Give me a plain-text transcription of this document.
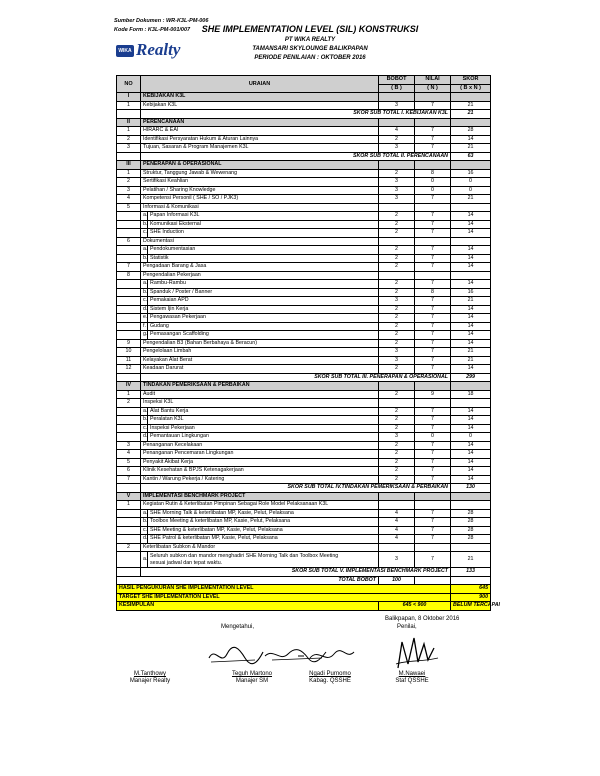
Sumber Dokumen : WR-K3L-PM-006
Kode Form : K3L-PM-001/007
WIKA Realty
SHE IMPLEMENTATION LEVEL (SIL) KONSTRUKSI
PT WIKA REALTY
TAMANSARI SKYLOUNGE BALIKPAPAN
PERIODE PENILAIAN : OKTOBER 2016
NO	URAIAN		BOBOT	NILAI	SKOR
			( B )	( N )	( B x N )
I	KEBIJAKAN K3L				
1	Kebijakan K3L		3	7	21
	SKOR SUB TOTAL I. KEBIJAKAN K3L				21
II	PERENCANAAN				
1	HIRARC & EAI		4	7	28
2	Identifikasi Persyaratan Hukum & Aturan Lainnya		2	7	14
3	Tujuan, Sasaran & Program Manajemen K3L		3	7	21
	SKOR SUB TOTAL II. PERENCANAAN				63
III	PENERAPAN & OPERASIONAL				
1	Struktur, Tanggung Jawab & Wewenang		2	8	16
2	Sertifikasi Keahlian		3	0	0
3	Pelatihan / Sharing Knowledge		3	0	0
4	Kompetensi Personil ( SHE / SO / PJK3)		3	7	21
5	Informasi & Komunikasi				
	a.	Papan Informasi K3L	2	7	14
	b.	Komunikasi Eksternal	2	7	14
	c.	SHE Induction	2	7	14
6	Dokumentasi				
	a.	Pendokumentasian	2	7	14
	b.	Statistik	2	7	14
7	Pengadaan Barang & Jasa		2	7	14
8	Pengendalian Pekerjaan				
	a.	Rambu-Rambu	2	7	14
	b.	Spanduk / Poster / Banner	2	8	16
	c.	Pemakaian APD	3	7	21
	d.	Sistem Ijin Kerja	2	7	14
	e.	Pengawasan Pekerjaan	2	7	14
	f.	Gudang	2	7	14
	g.	Pemasangan Scaffolding	2	7	14
9	Pengendalian B3 (Bahan Berbahaya & Beracun)		2	7	14
10	Pengelolaan Limbah		3	7	21
11	Kelayakan Alat Berat		3	7	21
12	Keadaan Darurat		2	7	14
	SKOR SUB TOTAL III. PENERAPAN & OPERASIONAL				299
IV	TINDAKAN PEMERIKSAAN & PERBAIKAN				
1	Audit		2	9	18
2	Inspeksi K3L				
	a.	Alat Bantu Kerja	2	7	14
	b.	Peralatan K3L	2	7	14
	c.	Inspeksi Pekerjaan	2	7	14
	d.	Pemantauan Lingkungan	3	0	0
3	Penanganan Kecelakaan		2	7	14
4	Penanganan Pencemaran Lingkungan		2	7	14
5	Penyakit Akibat Kerja		2	7	14
6	Klinik Kesehatan & BPJS Ketenagakerjaan		2	7	14
7	Kantin / Warung Pekerja / Katering		2	7	14
	SKOR SUB TOTAL IV.TINDAKAN PEMERIKSAAN & PERBAIKAN				130
V	IMPLEMENTASI BENCHMARK PROJECT				
1	Kegiatan Rutin & Keterlibatan Pimpinan Sebagai Role Model Pelaksanaan K3L				
	a.	SHE Morning Talk & keterlibatan MP, Kasie, Pelut, Pelaksana	4	7	28
	b.	Toolbox Meeting & keterlibatan MP, Kasie, Pelut, Pelaksana	4	7	28
	c.	SHE Meeting & keterlibatan MP, Kasie, Pelut, Pelaksana	4	7	28
	d.	SHE Patrol & keterlibatan MP, Kasie, Pelut, Pelaksana	4	7	28
2	Keterlibatan Subkon & Mandor				
	a.	Seluruh subkon dan mandor menghadiri SHE Morning Talk dan Toolbox Meeting
sesuai jadwal dan tepat waktu.	3	7	21
	SKOR SUB TOTAL V. IMPLEMENTASI BENCHMARK PROJECT				133
TOTAL BOBOT			100		
HASIL PENGUKURAN SHE IMPLEMENTATION LEVEL					645
TARGET SHE IMPLEMENTATION LEVEL					900
KESIMPULAN			645 < 900		BELUM TERCAPAI
Balikpapan, 8 Oktober 2016
Mengetahui,	Penilai,
M.Tanthowy
Manajer Realty
Teguh Martono
Manajer SM
Ngadi Purnomo
Kabag. QSSHE
M.Nawaei
Staf QSSHE
